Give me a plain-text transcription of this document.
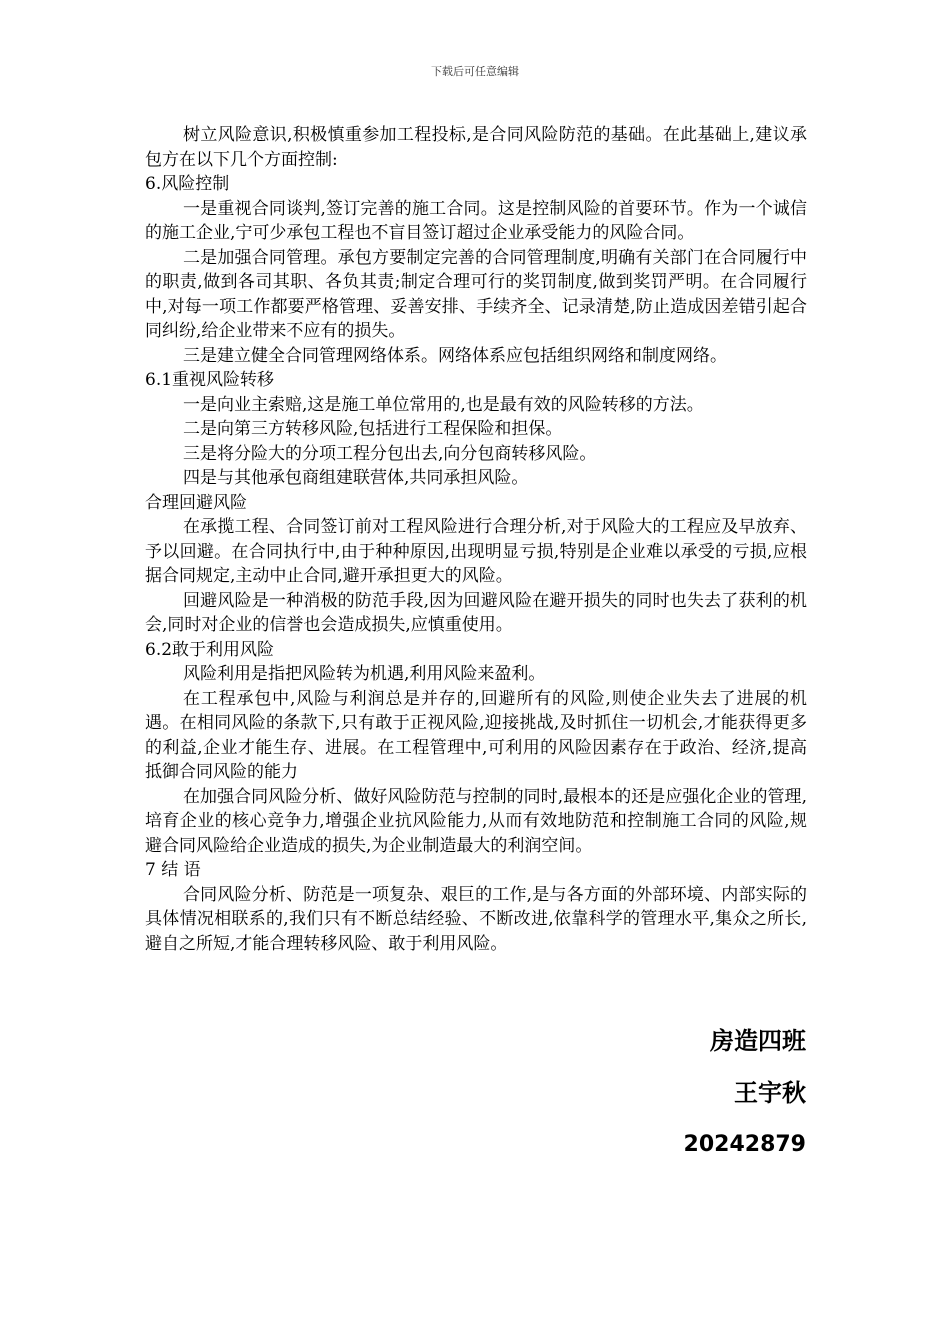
下载后可任意编辑

树立风险意识,积极慎重参加工程投标,是合同风险防范的基础。在此基础上,建议承包方在以下几个方面控制:

6.风险控制

一是重视合同谈判,签订完善的施工合同。这是控制风险的首要环节。作为一个诚信的施工企业,宁可少承包工程也不盲目签订超过企业承受能力的风险合同。

二是加强合同管理。承包方要制定完善的合同管理制度,明确有关部门在合同履行中的职责,做到各司其职、各负其责;制定合理可行的奖罚制度,做到奖罚严明。在合同履行中,对每一项工作都要严格管理、妥善安排、手续齐全、记录清楚,防止造成因差错引起合同纠纷,给企业带来不应有的损失。

三是建立健全合同管理网络体系。网络体系应包括组织网络和制度网络。

6.1重视风险转移

一是向业主索赔,这是施工单位常用的,也是最有效的风险转移的方法。

二是向第三方转移风险,包括进行工程保险和担保。

三是将分险大的分项工程分包出去,向分包商转移风险。

四是与其他承包商组建联营体,共同承担风险。

合理回避风险

在承揽工程、合同签订前对工程风险进行合理分析,对于风险大的工程应及早放弃、予以回避。在合同执行中,由于种种原因,出现明显亏损,特别是企业难以承受的亏损,应根据合同规定,主动中止合同,避开承担更大的风险。

回避风险是一种消极的防范手段,因为回避风险在避开损失的同时也失去了获利的机会,同时对企业的信誉也会造成损失,应慎重使用。

6.2敢于利用风险

风险利用是指把风险转为机遇,利用风险来盈利。

在工程承包中,风险与利润总是并存的,回避所有的风险,则使企业失去了进展的机遇。在相同风险的条款下,只有敢于正视风险,迎接挑战,及时抓住一切机会,才能获得更多的利益,企业才能生存、进展。在工程管理中,可利用的风险因素存在于政治、经济,提高抵御合同风险的能力

在加强合同风险分析、做好风险防范与控制的同时,最根本的还是应强化企业的管理,培育企业的核心竞争力,增强企业抗风险能力,从而有效地防范和控制施工合同的风险,规避合同风险给企业造成的损失,为企业制造最大的利润空间。

7 结 语

合同风险分析、防范是一项复杂、艰巨的工作,是与各方面的外部环境、内部实际的具体情况相联系的,我们只有不断总结经验、不断改进,依靠科学的管理水平,集众之所长,避自之所短,才能合理转移风险、敢于利用风险。

房造四班

王宇秋

20242879
